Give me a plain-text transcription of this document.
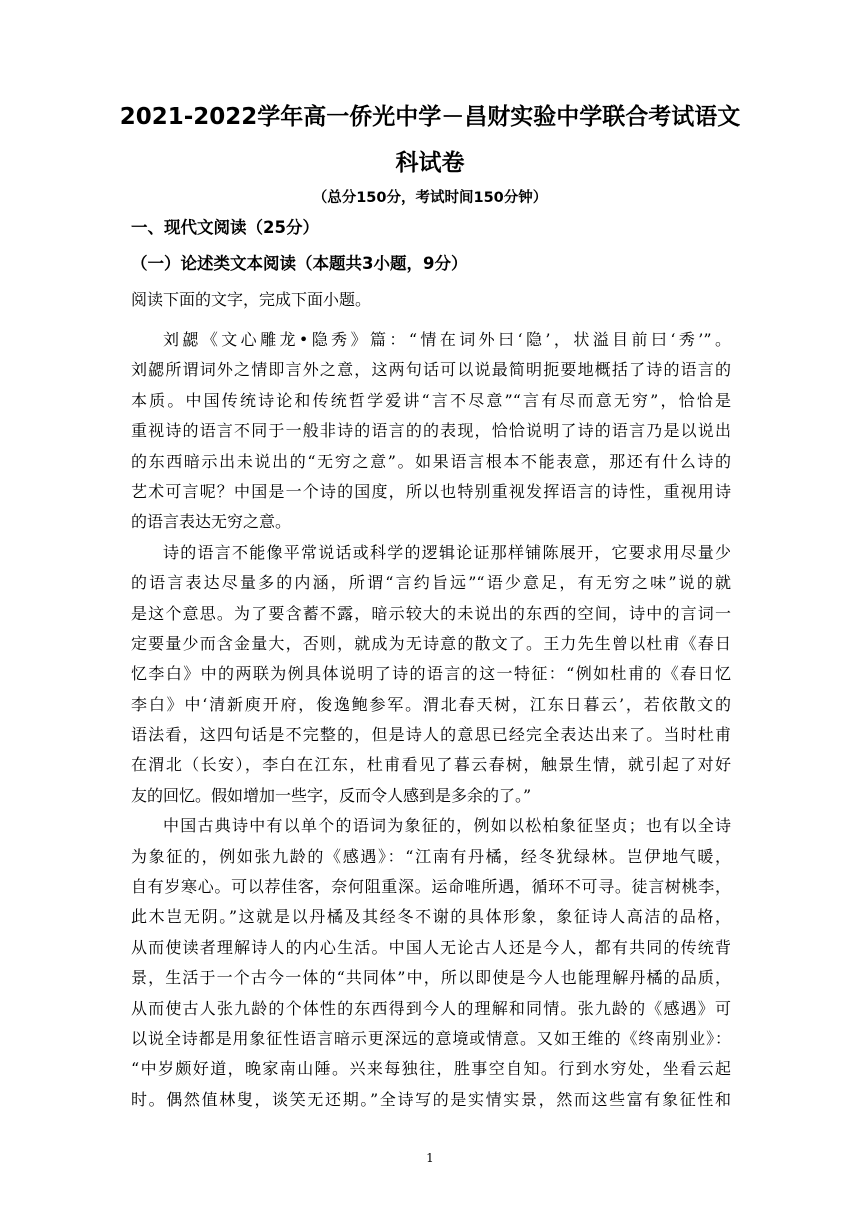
2021-2022学年高一侨光中学－昌财实验中学联合考试语文科试卷
（总分150分，考试时间150分钟）
一、现代文阅读（25分）
（一）论述类文本阅读（本题共3小题，9分）
阅读下面的文字，完成下面小题。
刘勰《文心雕龙•隐秀》篇：“情在词外曰‘隐’，状溢目前曰‘秀’”。
刘勰所谓词外之情即言外之意，这两句话可以说最简明扼要地概括了诗的语言的
本质。中国传统诗论和传统哲学爱讲“言不尽意”“言有尽而意无穷”，恰恰是
重视诗的语言不同于一般非诗的语言的的表现，恰恰说明了诗的语言乃是以说出
的东西暗示出未说出的“无穷之意”。如果语言根本不能表意，那还有什么诗的
艺术可言呢？中国是一个诗的国度，所以也特别重视发挥语言的诗性，重视用诗
的语言表达无穷之意。
诗的语言不能像平常说话或科学的逻辑论证那样铺陈展开，它要求用尽量少
的语言表达尽量多的内涵，所谓“言约旨远”“语少意足，有无穷之味”说的就
是这个意思。为了要含蓄不露，暗示较大的未说出的东西的空间，诗中的言词一
定要量少而含金量大，否则，就成为无诗意的散文了。王力先生曾以杜甫《春日
忆李白》中的两联为例具体说明了诗的语言的这一特征：“例如杜甫的《春日忆
李白》中‘清新庾开府，俊逸鲍参军。渭北春天树，江东日暮云’，若依散文的
语法看，这四句话是不完整的，但是诗人的意思已经完全表达出来了。当时杜甫
在渭北（长安），李白在江东，杜甫看见了暮云春树，触景生情，就引起了对好
友的回忆。假如增加一些字，反而令人感到是多余的了。”
中国古典诗中有以单个的语词为象征的，例如以松柏象征坚贞；也有以全诗
为象征的，例如张九龄的《感遇》：“江南有丹橘，经冬犹绿林。岂伊地气暖，
自有岁寒心。可以荐佳客，奈何阻重深。运命唯所遇，循环不可寻。徒言树桃李，
此木岂无阴。”这就是以丹橘及其经冬不谢的具体形象，象征诗人高洁的品格，
从而使读者理解诗人的内心生活。中国人无论古人还是今人，都有共同的传统背
景，生活于一个古今一体的“共同体”中，所以即使是今人也能理解丹橘的品质，
从而使古人张九龄的个体性的东西得到今人的理解和同情。张九龄的《感遇》可
以说全诗都是用象征性语言暗示更深远的意境或情意。又如王维的《终南别业》：
“中岁颇好道，晚家南山陲。兴来每独往，胜事空自知。行到水穷处，坐看云起
时。偶然值林叟，谈笑无还期。”全诗写的是实情实景，然而这些富有象征性和
1
